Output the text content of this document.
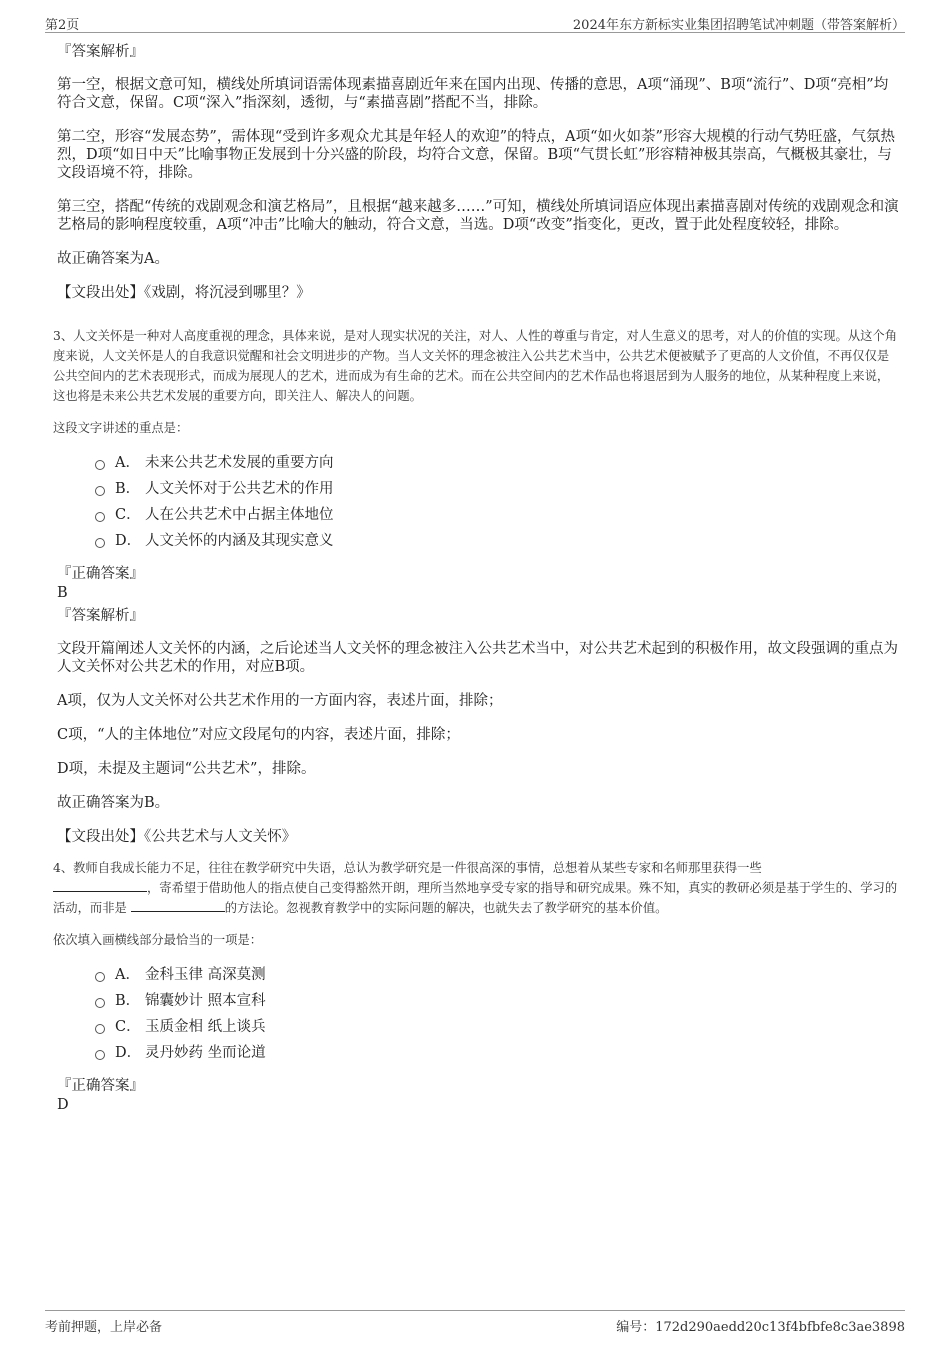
第2页	2024年东方新标实业集团招聘笔试冲刺题（带答案解析）
『答案解析』

第一空，根据文意可知，横线处所填词语需体现素描喜剧近年来在国内出现、传播的意思，A项“涌现”、B项“流行”、D项“亮相”均符合文意，保留。C项“深入”指深刻，透彻，与“素描喜剧”搭配不当，排除。

第二空，形容“发展态势”，需体现“受到许多观众尤其是年轻人的欢迎”的特点，A项“如火如荼”形容大规模的行动气势旺盛，气氛热烈，D项“如日中天”比喻事物正发展到十分兴盛的阶段，均符合文意，保留。B项“气贯长虹”形容精神极其崇高，气概极其豪壮，与文段语境不符，排除。

第三空，搭配“传统的戏剧观念和演艺格局”，且根据“越来越多……”可知，横线处所填词语应体现出素描喜剧对传统的戏剧观念和演艺格局的影响程度较重，A项“冲击”比喻大的触动，符合文意，当选。D项“改变”指变化，更改，置于此处程度较轻，排除。

故正确答案为A。

【文段出处】《戏剧，将沉浸到哪里？》

3、人文关怀是一种对人高度重视的理念，具体来说，是对人现实状况的关注，对人、人性的尊重与肯定，对人生意义的思考，对人的价值的实现。从这个角度来说，人文关怀是人的自我意识觉醒和社会文明进步的产物。当人文关怀的理念被注入公共艺术当中，公共艺术便被赋予了更高的人文价值，不再仅仅是公共空间内的艺术表现形式，而成为展现人的艺术，进而成为有生命的艺术。而在公共空间内的艺术作品也将退居到为人服务的地位，从某种程度上来说，这也将是未来公共艺术发展的重要方向，即关注人、解决人的问题。
这段文字讲述的重点是：
A． 未来公共艺术发展的重要方向
B． 人文关怀对于公共艺术的作用
C． 人在公共艺术中占据主体地位
D． 人文关怀的内涵及其现实意义
『正确答案』
B
『答案解析』

文段开篇阐述人文关怀的内涵，之后论述当人文关怀的理念被注入公共艺术当中，对公共艺术起到的积极作用，故文段强调的重点为人文关怀对公共艺术的作用，对应B项。

A项，仅为人文关怀对公共艺术作用的一方面内容，表述片面，排除；

C项，“人的主体地位”对应文段尾句的内容，表述片面，排除；

D项，未提及主题词“公共艺术”，排除。

故正确答案为B。

【文段出处】《公共艺术与人文关怀》

4、教师自我成长能力不足，往往在教学研究中失语，总认为教学研究是一件很高深的事情，总想着从某些专家和名师那里获得一些
，寄希望于借助他人的指点使自己变得豁然开朗，理所当然地享受专家的指导和研究成果。殊不知，真实的教研必须是基于学生的、学习的活动，而非是	的方法论。忽视教育教学中的实际问题的解决，也就失去了教学研究的基本价值。
依次填入画横线部分最恰当的一项是：
A． 金科玉律 高深莫测
B． 锦囊妙计 照本宣科
C． 玉质金相 纸上谈兵
D． 灵丹妙药 坐而论道
『正确答案』
D
考前押题，上岸必备	编号：172d290aedd20c13f4bfbfe8c3ae3898
